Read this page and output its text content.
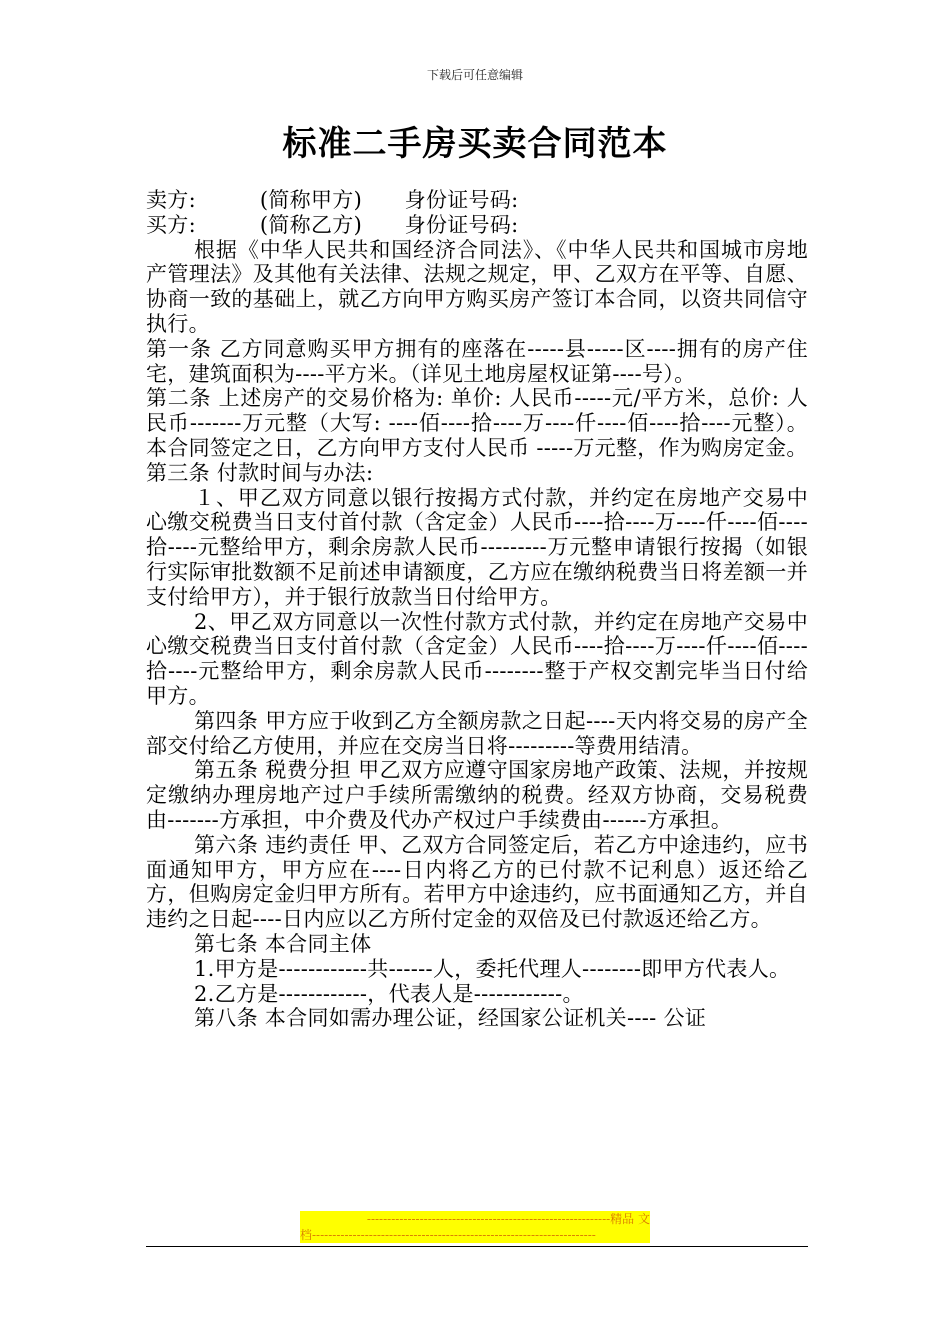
下载后可任意编辑
标准二手房买卖合同范本

卖方:　　　(简称甲方)　　身份证号码:

买方:　　　(简称乙方)　　身份证号码:

根据《中华人民共和国经济合同法》、《中华人民共和国城市房地产管理法》及其他有关法律、法规之规定，甲、乙双方在平等、自愿、协商一致的基础上，就乙方向甲方购买房产签订本合同，以资共同信守执行。

第一条 乙方同意购买甲方拥有的座落在-----县-----区----拥有的房产住宅，建筑面积为----平方米。（详见土地房屋权证第----号）。

第二条 上述房产的交易价格为: 单价: 人民币-----元/平方米，总价: 人民币-------万元整（大写: ----佰----拾----万----仟----佰----拾----元整）。本合同签定之日，乙方向甲方支付人民币 -----万元整，作为购房定金。

第三条 付款时间与办法:

１、甲乙双方同意以银行按揭方式付款，并约定在房地产交易中心缴交税费当日支付首付款（含定金）人民币----拾----万----仟----佰----拾----元整给甲方，剩余房款人民币---------万元整申请银行按揭（如银行实际审批数额不足前述申请额度，乙方应在缴纳税费当日将差额一并支付给甲方），并于银行放款当日付给甲方。

2、甲乙双方同意以一次性付款方式付款，并约定在房地产交易中心缴交税费当日支付首付款（含定金）人民币----拾----万----仟----佰----拾----元整给甲方，剩余房款人民币--------整于产权交割完毕当日付给甲方。

第四条 甲方应于收到乙方全额房款之日起----天内将交易的房产全部交付给乙方使用，并应在交房当日将---------等费用结清。

第五条 税费分担 甲乙双方应遵守国家房地产政策、法规，并按规定缴纳办理房地产过户手续所需缴纳的税费。经双方协商，交易税费由-------方承担，中介费及代办产权过户手续费由------方承担。

第六条 违约责任 甲、乙双方合同签定后，若乙方中途违约，应书面通知甲方，甲方应在----日内将乙方的已付款不记利息）返还给乙方，但购房定金归甲方所有。若甲方中途违约，应书面通知乙方，并自违约之日起----日内应以乙方所付定金的双倍及已付款返还给乙方。

第七条 本合同主体

1.甲方是------------共------人，委托代理人--------即甲方代表人。

2.乙方是------------，代表人是------------。

第八条 本合同如需办理公证，经国家公证机关---- 公证

------------------------------------------------------------精品 文
档----------------------------------------------------------------------
